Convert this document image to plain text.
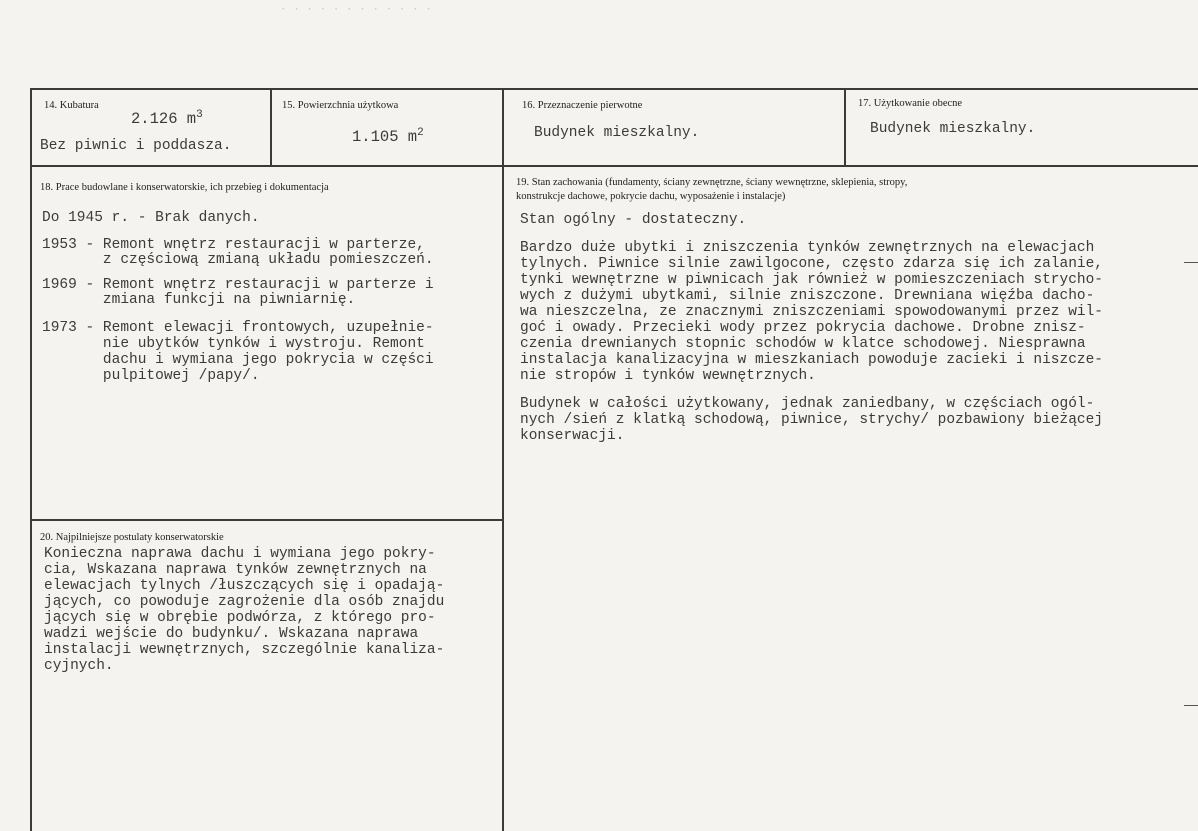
· · · · · · · · · · · ·
14. Kubatura
2.126 $m^3$
Bez piwnic i poddasza.
15. Powierzchnia użytkowa
1.105 $m^2$
16. Przeznaczenie pierwotne
Budynek mieszkalny.
17. Użytkowanie obecne
Budynek mieszkalny.
18. Prace budowlane i konserwatorskie, ich przebieg i dokumentacja
Do 1945 r. - Brak danych.
1953 - Remont wnętrz restauracji w parterze,
z częściową zmianą układu pomieszczeń.
1969 - Remont wnętrz restauracji w parterze i
zmiana funkcji na piwniarnię.
1973 - Remont elewacji frontowych, uzupełnie-
nie ubytków tynków i wystroju. Remont
dachu i wymiana jego pokrycia w części
pulpitowej /papy/.
19. Stan zachowania (fundamenty, ściany zewnętrzne, ściany wewnętrzne, sklepienia, stropy,
konstrukcje dachowe, pokrycie dachu, wyposażenie i instalacje)
Stan ogólny - dostateczny.
Bardzo duże ubytki i zniszczenia tynków zewnętrznych na elewacjach
tylnych. Piwnice silnie zawilgocone, często zdarza się ich zalanie,
tynki wewnętrzne w piwnicach jak również w pomieszczeniach strycho-
wych z dużymi ubytkami, silnie zniszczone. Drewniana więźba dacho-
wa nieszczelna, ze znacznymi zniszczeniami spowodowanymi przez wil-
goć i owady. Przecieki wody przez pokrycia dachowe. Drobne znisz-
czenia drewnianych stopnic schodów w klatce schodowej. Niesprawna
instalacja kanalizacyjna w mieszkaniach powoduje zacieki i niszcze-
nie stropów i tynków wewnętrznych.
Budynek w całości użytkowany, jednak zaniedbany, w częściach ogól-
nych /sień z klatką schodową, piwnice, strychy/ pozbawiony bieżącej
konserwacji.
20. Najpilniejsze postulaty konserwatorskie
Konieczna naprawa dachu i wymiana jego pokry-
cia, Wskazana naprawa tynków zewnętrznych na
elewacjach tylnych /łuszczących się i opadają-
jących, co powoduje zagrożenie dla osób znajdu
jących się w obrębie podwórza, z którego pro-
wadzi wejście do budynku/. Wskazana naprawa
instalacji wewnętrznych, szczególnie kanaliza-
cyjnych.
